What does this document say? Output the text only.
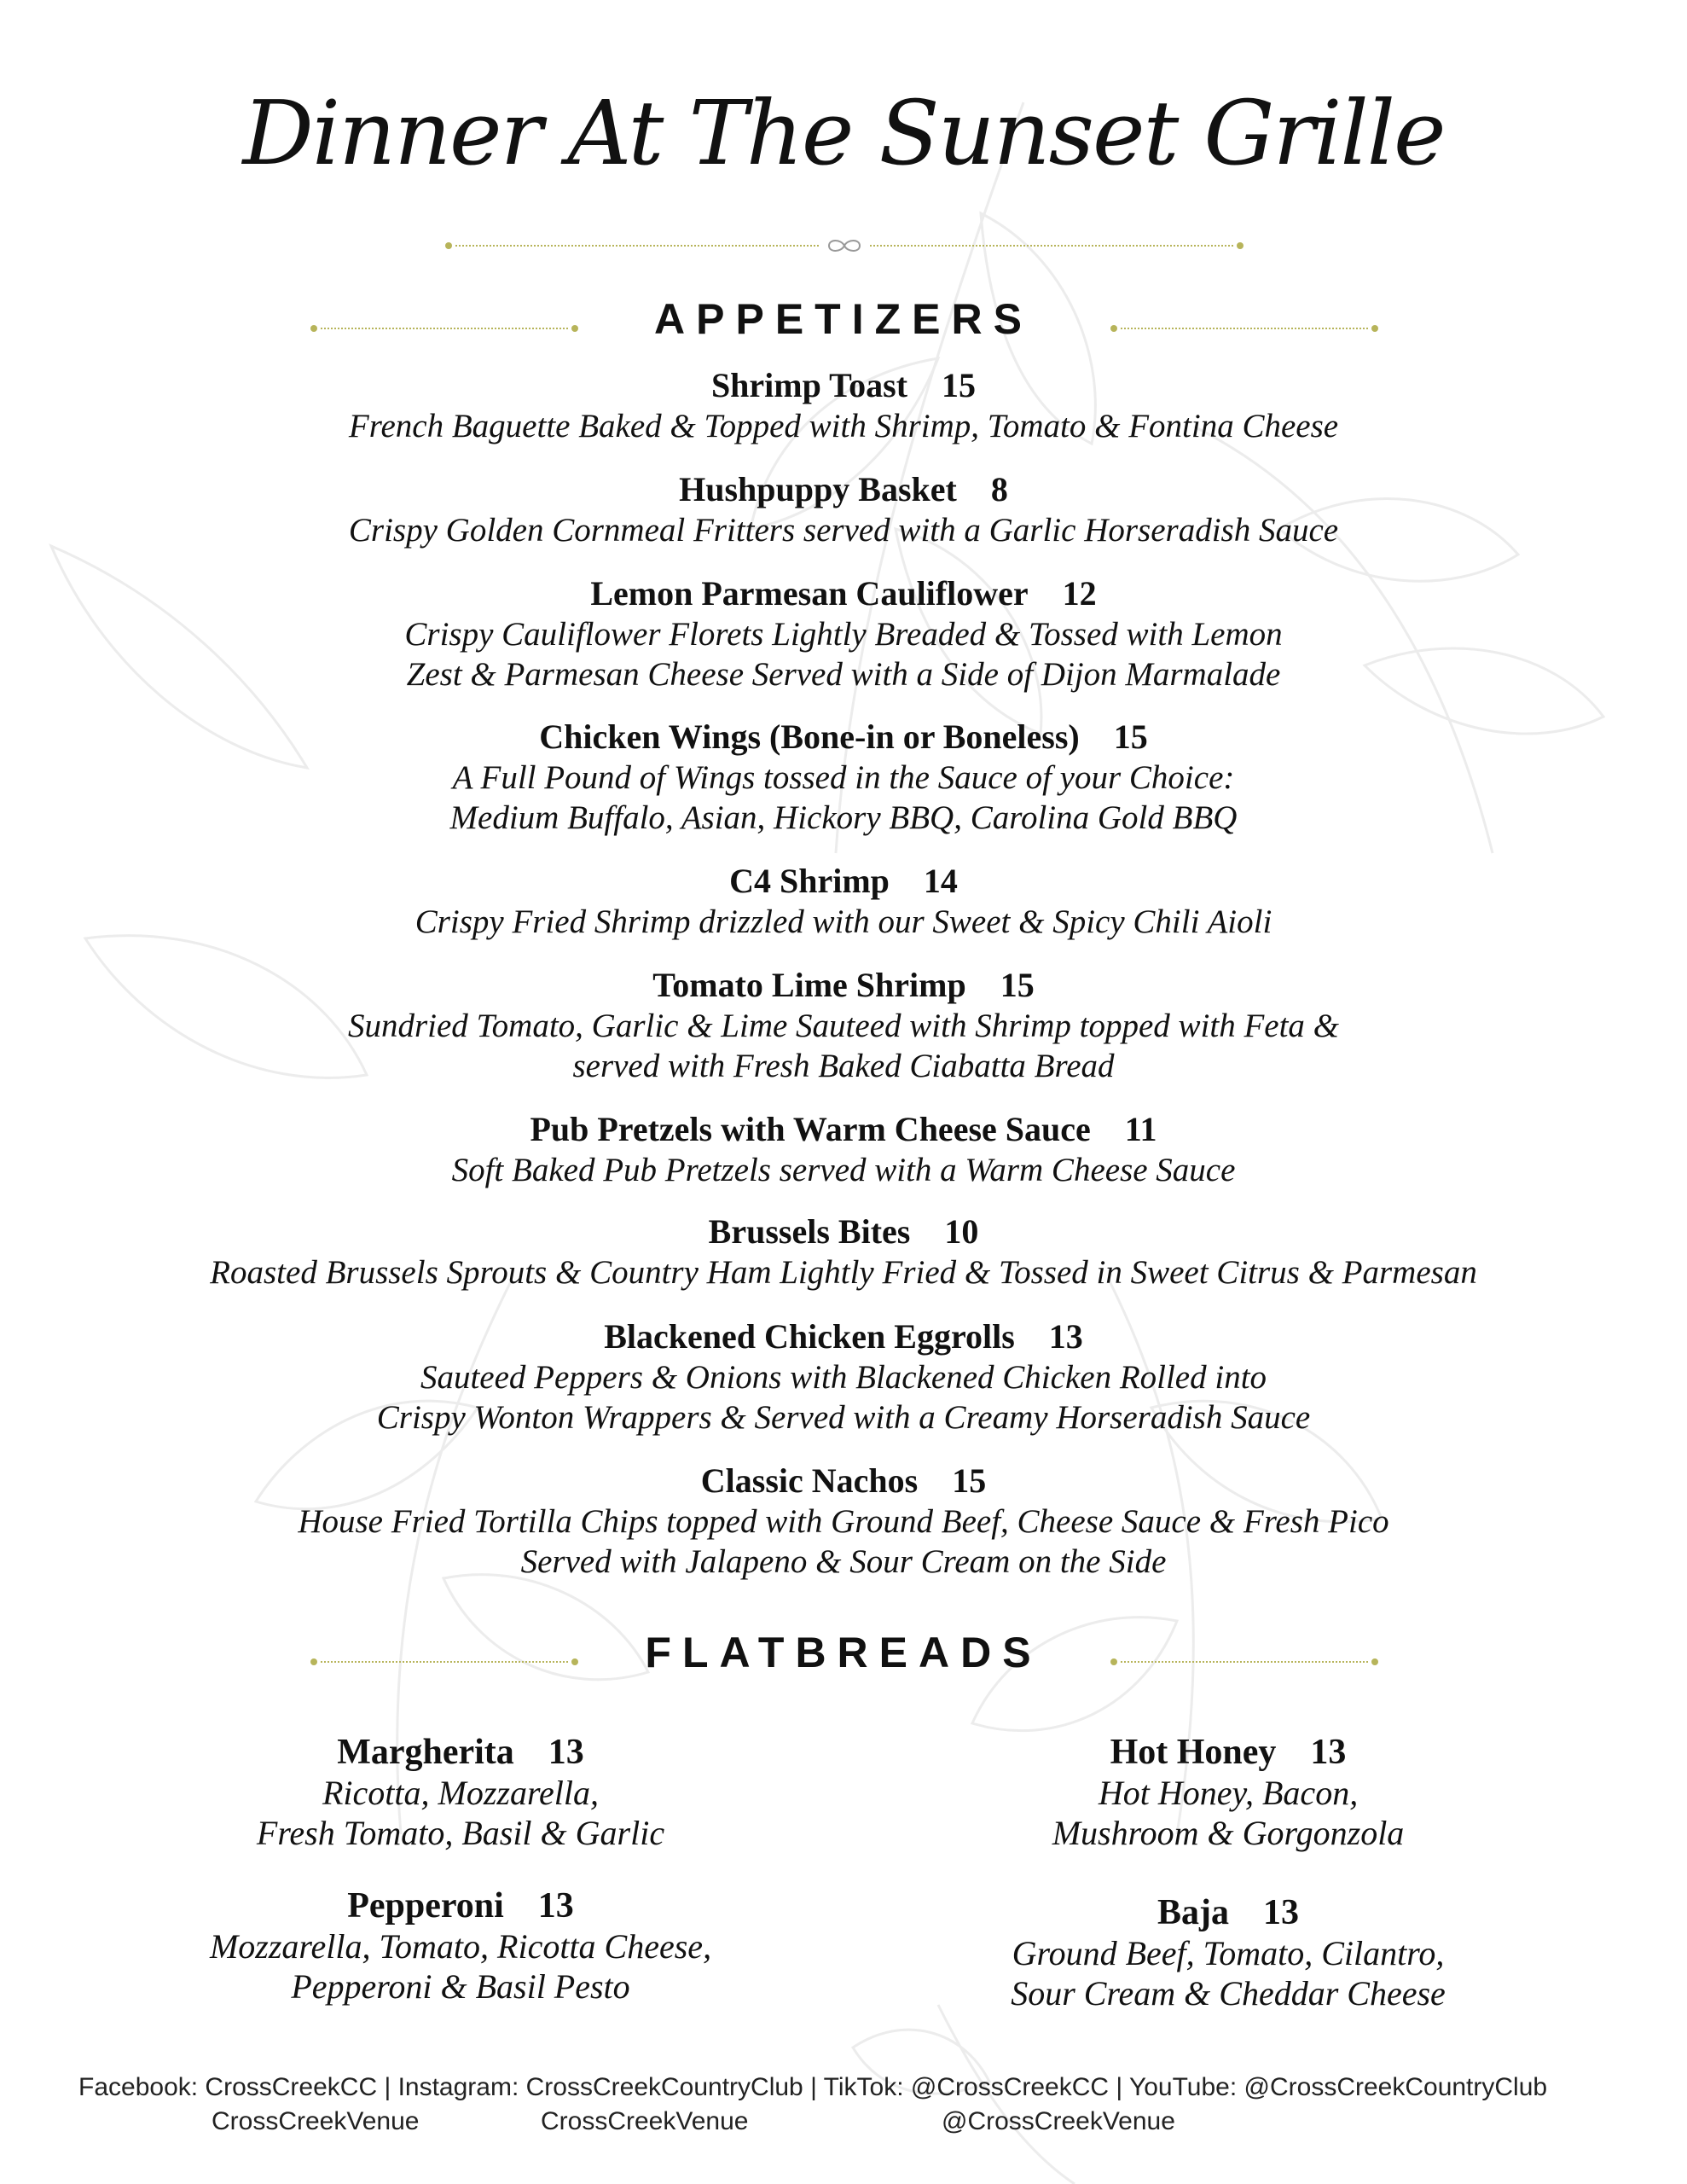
Dinner At The Sunset Grille
APPETIZERS
Shrimp Toast 15
French Baguette Baked & Topped with Shrimp, Tomato & Fontina Cheese
Hushpuppy Basket 8
Crispy Golden Cornmeal Fritters served with a Garlic Horseradish Sauce
Lemon Parmesan Cauliflower 12
Crispy Cauliflower Florets Lightly Breaded & Tossed with Lemon
Zest & Parmesan Cheese Served with a Side of Dijon Marmalade
Chicken Wings (Bone-in or Boneless) 15
A Full Pound of Wings tossed in the Sauce of your Choice:
Medium Buffalo, Asian, Hickory BBQ, Carolina Gold BBQ
C4 Shrimp 14
Crispy Fried Shrimp drizzled with our Sweet & Spicy Chili Aioli
Tomato Lime Shrimp 15
Sundried Tomato, Garlic & Lime Sauteed with Shrimp topped with Feta &
served with Fresh Baked Ciabatta Bread
Pub Pretzels with Warm Cheese Sauce 11
Soft Baked Pub Pretzels served with a Warm Cheese Sauce
Brussels Bites 10
Roasted Brussels Sprouts & Country Ham Lightly Fried & Tossed in Sweet Citrus & Parmesan
Blackened Chicken Eggrolls 13
Sauteed Peppers & Onions with Blackened Chicken Rolled into
Crispy Wonton Wrappers & Served with a Creamy Horseradish Sauce
Classic Nachos 15
House Fried Tortilla Chips topped with Ground Beef, Cheese Sauce & Fresh Pico
Served with Jalapeno & Sour Cream on the Side
FLATBREADS
Margherita 13
Ricotta, Mozzarella,
Fresh Tomato, Basil & Garlic
Pepperoni 13
Mozzarella, Tomato, Ricotta Cheese,
Pepperoni & Basil Pesto
Hot Honey 13
Hot Honey, Bacon,
Mushroom & Gorgonzola
Baja 13
Ground Beef, Tomato, Cilantro,
Sour Cream & Cheddar Cheese
Facebook: CrossCreekCC | Instagram: CrossCreekCountryClub | TikTok: @CrossCreekCC | YouTube: @CrossCreekCountryClub
CrossCreekVenue	CrossCreekVenue	@CrossCreekVenue
